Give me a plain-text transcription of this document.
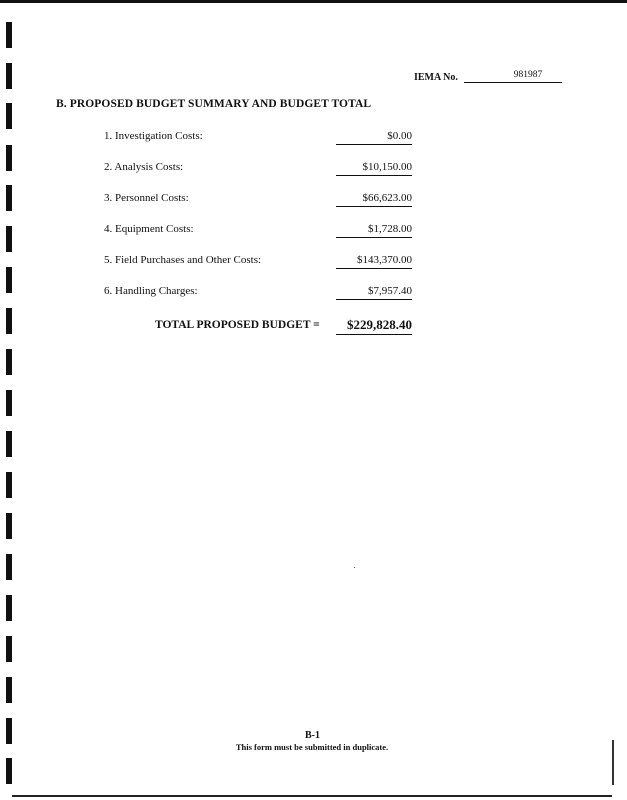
IEMA No.	981987
B. PROPOSED BUDGET SUMMARY AND BUDGET TOTAL
1. Investigation Costs:	$0.00
2. Analysis Costs:	$10,150.00
3. Personnel Costs:	$66,623.00
4. Equipment Costs:	$1,728.00
5. Field Purchases and Other Costs:	$143,370.00
6. Handling Charges:	$7,957.40
TOTAL PROPOSED BUDGET =	$229,828.40
B-1
This form must be submitted in duplicate.
